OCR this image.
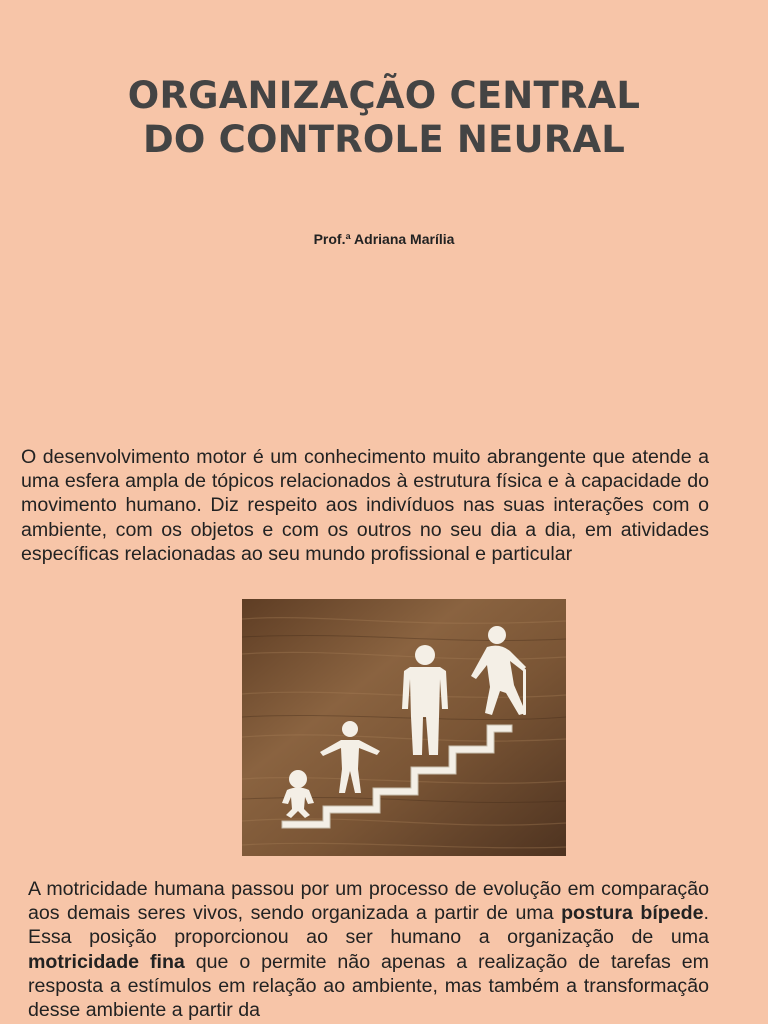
ORGANIZAÇÃO CENTRAL
DO CONTROLE NEURAL
Prof.ª Adriana Marília

O desenvolvimento motor é um conhecimento muito abrangente que atende a uma esfera ampla de tópicos relacionados à estrutura física e à capacidade do movimento humano. Diz respeito aos indivíduos nas suas interações com o ambiente, com os objetos e com os outros no seu dia a dia, em atividades específicas relacionadas ao seu mundo profissional e particular

A motricidade humana passou por um processo de evolução em comparação aos demais seres vivos, sendo organizada a partir de uma postura bípede. Essa posição proporcionou ao ser humano a organização de uma motricidade fina que o permite não apenas a realização de tarefas em resposta a estímulos em relação ao ambiente, mas também a transformação desse ambiente a partir da
